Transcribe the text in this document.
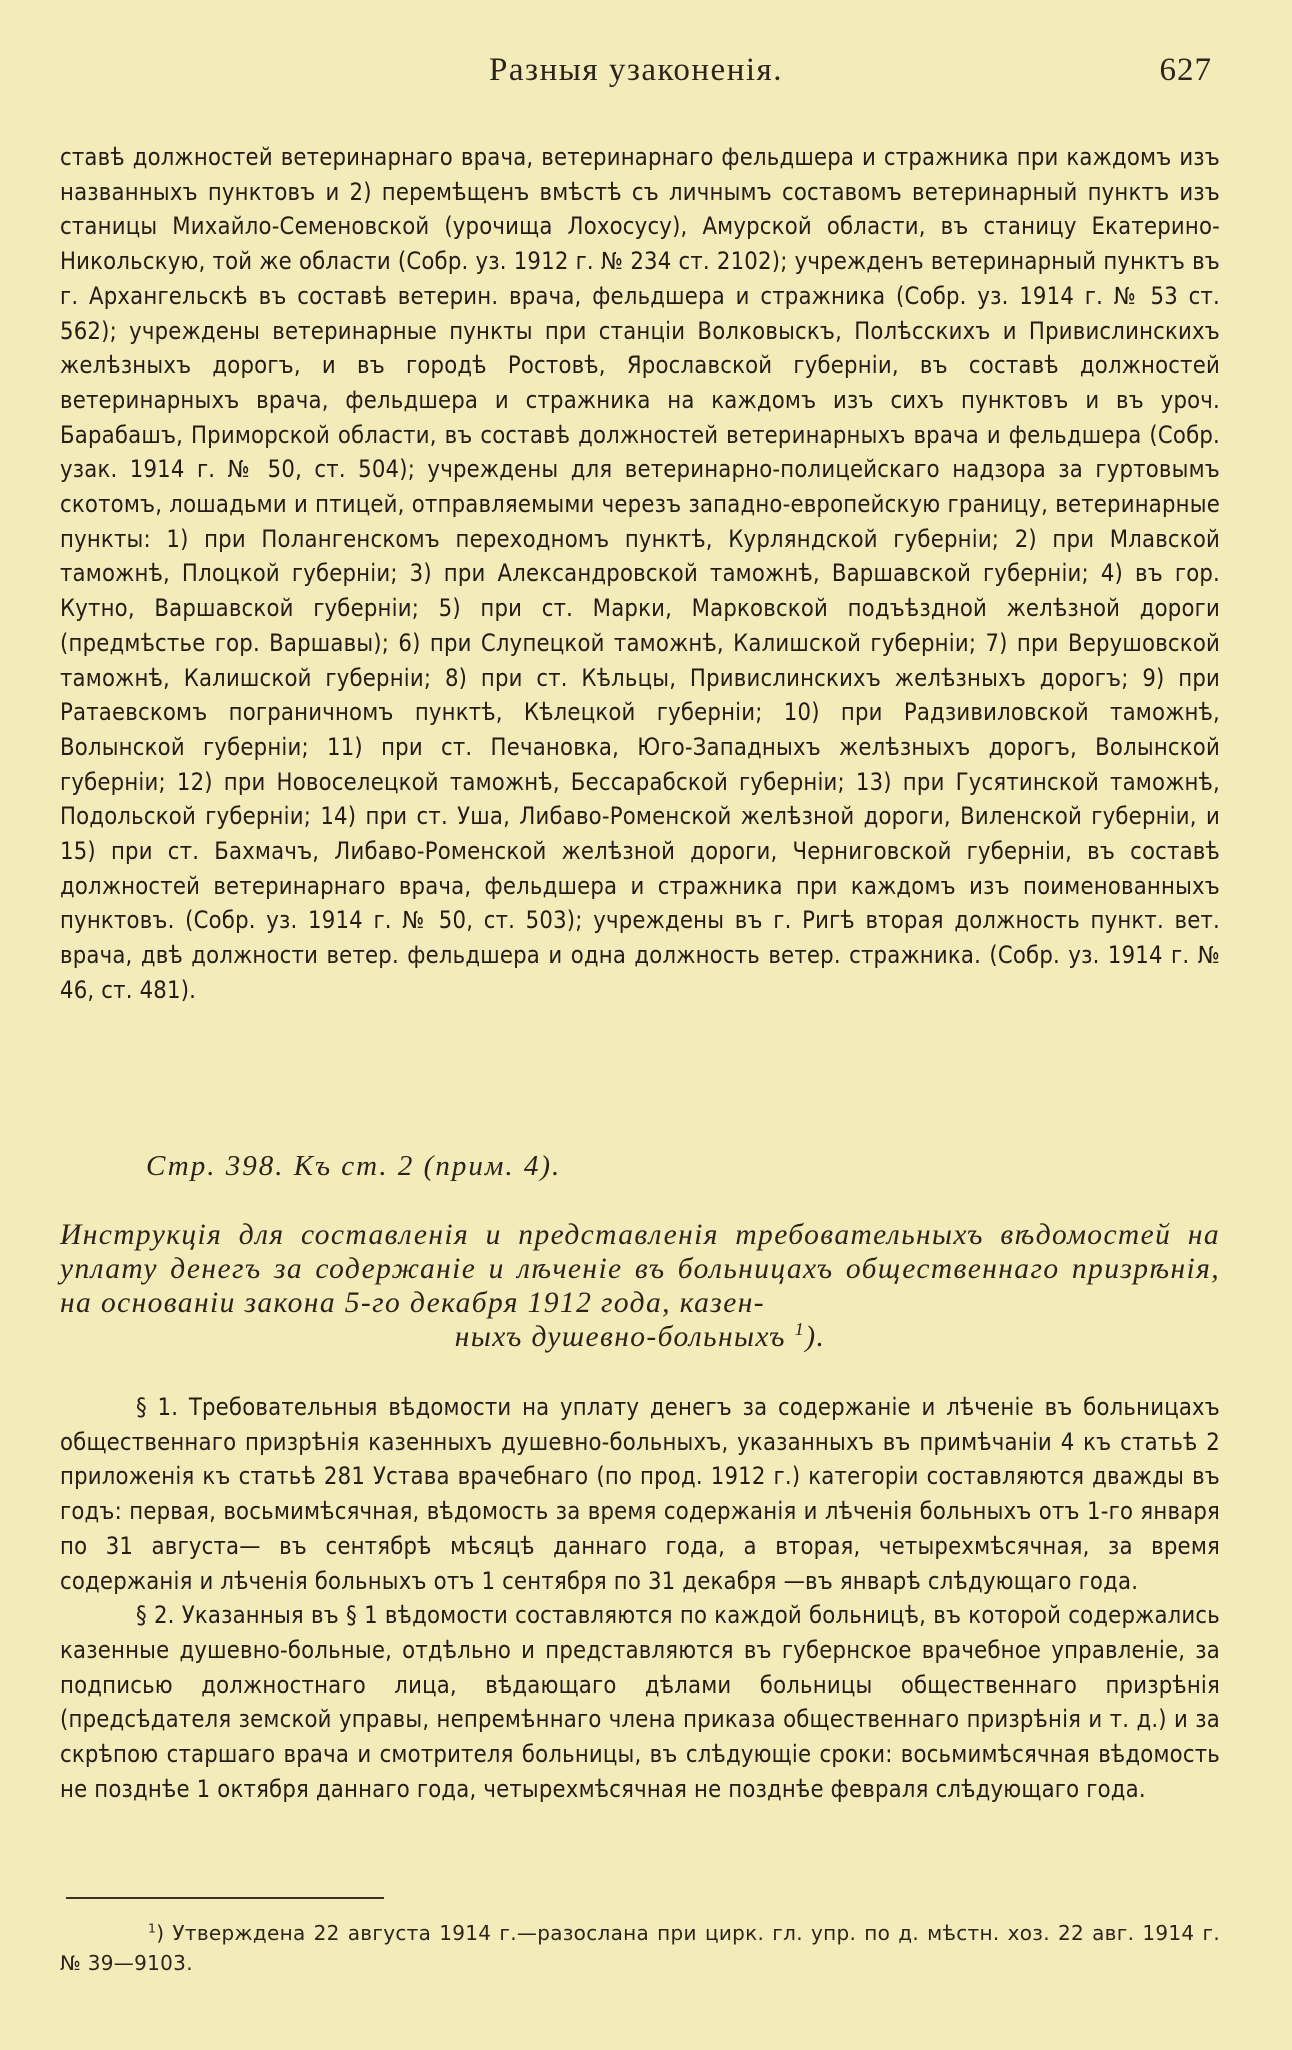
Разныя узаконенія.	627

ставѣ должностей ветеринарнаго врача, ветеринарнаго фельдшера и стражника при каждомъ изъ названныхъ пунктовъ и 2) перемѣщенъ вмѣстѣ съ личнымъ составомъ ветеринарный пунктъ изъ станицы Михайло-Семеновской (урочища Лохосусу), Амурской области, въ станицу Екатерино-Никольскую, той же области (Собр. уз. 1912 г. № 234 ст. 2102); учрежденъ ветеринарный пунктъ въ г. Архангельскѣ въ составѣ ветерин. врача, фельдшера и стражника (Собр. уз. 1914 г. № 53 ст. 562); учреждены ветеринарные пункты при станціи Волковыскъ, Полѣсскихъ и Привислинскихъ желѣзныхъ дорогъ, и въ городѣ Ростовѣ, Ярославской губерніи, въ составѣ должностей ветеринарныхъ врача, фельдшера и стражника на каждомъ изъ сихъ пунктовъ и въ уроч. Барабашъ, Приморской области, въ составѣ должностей ветеринарныхъ врача и фельдшера (Собр. узак. 1914 г. № 50, ст. 504); учреждены для ветеринарно-полицейскаго надзора за гуртовымъ скотомъ, лошадьми и птицей, отправляемыми черезъ западно-европейскую границу, ветеринарные пункты: 1) при Полангенскомъ переходномъ пунктѣ, Курляндской губерніи; 2) при Млавской таможнѣ, Плоцкой губерніи; 3) при Александровской таможнѣ, Варшавской губерніи; 4) въ гор. Кутно, Варшавской губерніи; 5) при ст. Марки, Марковской подъѣздной желѣзной дороги (предмѣстье гор. Варшавы); 6) при Слупецкой таможнѣ, Калишской губерніи; 7) при Верушовской таможнѣ, Калишской губерніи; 8) при ст. Кѣльцы, Привислинскихъ желѣзныхъ дорогъ; 9) при Ратаевскомъ пограничномъ пунктѣ, Кѣлецкой губерніи; 10) при Радзивиловской таможнѣ, Волынской губерніи; 11) при ст. Печановка, Юго-Западныхъ желѣзныхъ дорогъ, Волынской губерніи; 12) при Новоселецкой таможнѣ, Бессарабской губерніи; 13) при Гусятинской таможнѣ, Подольской губерніи; 14) при ст. Уша, Либаво-Роменской желѣзной дороги, Виленской губерніи, и 15) при ст. Бахмачъ, Либаво-Роменской желѣзной дороги, Черниговской губерніи, въ составѣ должностей ветеринарнаго врача, фельдшера и стражника при каждомъ изъ поименованныхъ пунктовъ. (Собр. уз. 1914 г. № 50, ст. 503); учреждены въ г. Ригѣ вторая должность пункт. вет. врача, двѣ должности ветер. фельдшера и одна должность ветер. стражника. (Собр. уз. 1914 г. № 46, ст. 481).

Стр. 398. Къ ст. 2 (прим. 4).
Инструкція для составленія и представленія требовательныхъ вѣдомостей на уплату денегъ за содержаніе и лѣченіе въ больницахъ общественнаго призрѣнія, на основаніи закона 5-го декабря 1912 года, казен-
ныхъ душевно-больныхъ $^1$).

§ 1. Требовательныя вѣдомости на уплату денегъ за содержаніе и лѣченіе въ больницахъ общественнаго призрѣнія казенныхъ душевно-больныхъ, указанныхъ въ примѣчаніи 4 къ статьѣ 2 приложенія къ статьѣ 281 Устава врачебнаго (по прод. 1912 г.) категоріи составляются дважды въ годъ: первая, восьмимѣсячная, вѣдомость за время содержанія и лѣченія больныхъ отъ 1-го января по 31 августа— въ сентябрѣ мѣсяцѣ даннаго года, а вторая, четырехмѣсячная, за время содержанія и лѣченія больныхъ отъ 1 сентября по 31 декабря —въ январѣ слѣдующаго года.

§ 2. Указанныя въ § 1 вѣдомости составляются по каждой больницѣ, въ которой содержались казенные душевно-больные, отдѣльно и представляются въ губернское врачебное управленіе, за подписью должностнаго лица, вѣдающаго дѣлами больницы общественнаго призрѣнія (предсѣдателя земской управы, непремѣннаго члена приказа общественнаго призрѣнія и т. д.) и за скрѣпою старшаго врача и смотрителя больницы, въ слѣдующіе сроки: восьмимѣсячная вѣдомость не позднѣе 1 октября даннаго года, четырехмѣсячная не позднѣе февраля слѣдующаго года.

$^1$) Утверждена 22 августа 1914 г.—разослана при цирк. гл. упр. по д. мѣстн. хоз. 22 авг. 1914 г. № 39—9103.
